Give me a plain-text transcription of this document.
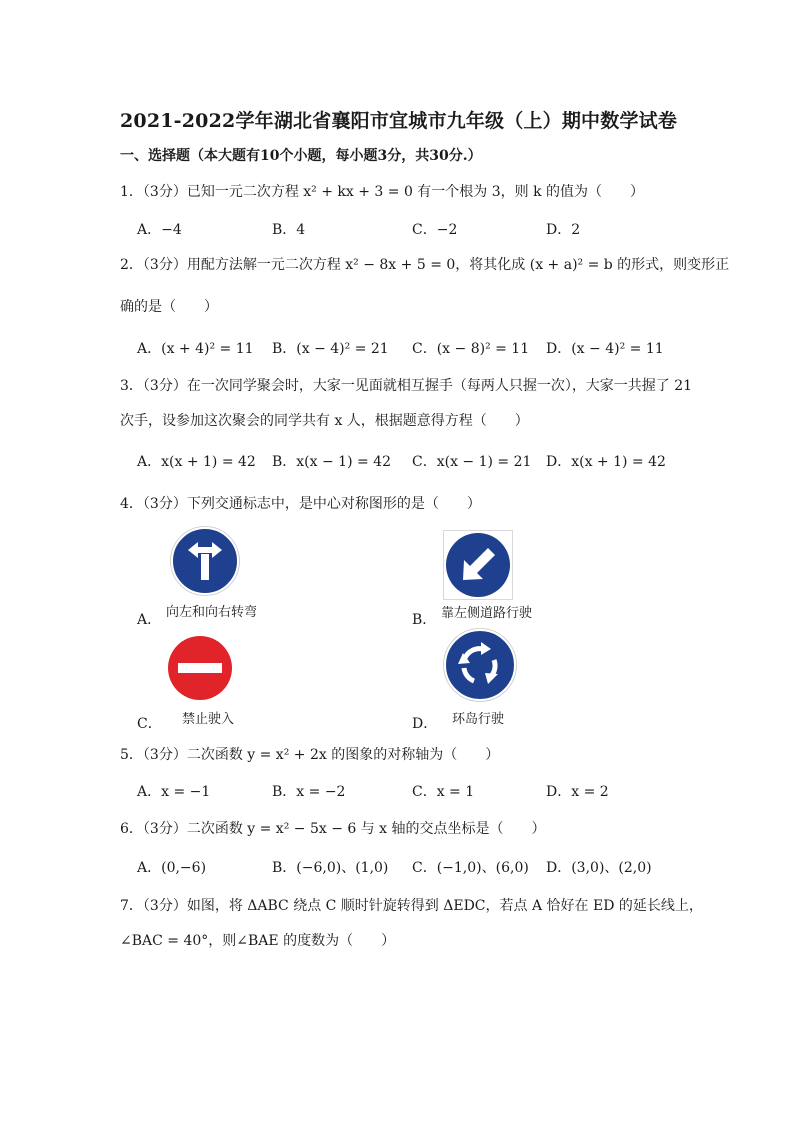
2021-2022学年湖北省襄阳市宜城市九年级（上）期中数学试卷
一、选择题（本大题有10个小题，每小题3分，共30分.）
1．（3分）已知一元二次方程 x² + kx + 3 = 0 有一个根为 3，则 k 的值为（　　）
A．−4	B．4	C．−2	D．2
2．（3分）用配方法解一元二次方程 x² − 8x + 5 = 0，将其化成 (x + a)² = b 的形式，则变形正
确的是（　　）
A．(x + 4)² = 11 B．(x − 4)² = 21 C．(x − 8)² = 11 D．(x − 4)² = 11
3．（3分）在一次同学聚会时，大家一见面就相互握手（每两人只握一次），大家一共握了 21
次手，设参加这次聚会的同学共有 x 人，根据题意得方程（　　）
A．x(x + 1) = 42 B．x(x − 1) = 42 C．x(x − 1) = 21 D．x(x + 1) = 42
4．（3分）下列交通标志中，是中心对称图形的是（　　）
A． 向左和向右转弯	B． 靠左侧道路行驶
C． 禁止驶入	D． 环岛行驶
5．（3分）二次函数 y = x² + 2x 的图象的对称轴为（　　）
A．x = −1	B．x = −2	C．x = 1	D．x = 2
6．（3分）二次函数 y = x² − 5x − 6 与 x 轴的交点坐标是（　　）
A．(0,−6)	B．(−6,0)、(1,0) C．(−1,0)、(6,0) D．(3,0)、(2,0)
7．（3分）如图，将 ΔABC 绕点 C 顺时针旋转得到 ΔEDC，若点 A 恰好在 ED 的延长线上，
∠BAC = 40°，则∠BAE 的度数为（　　）
